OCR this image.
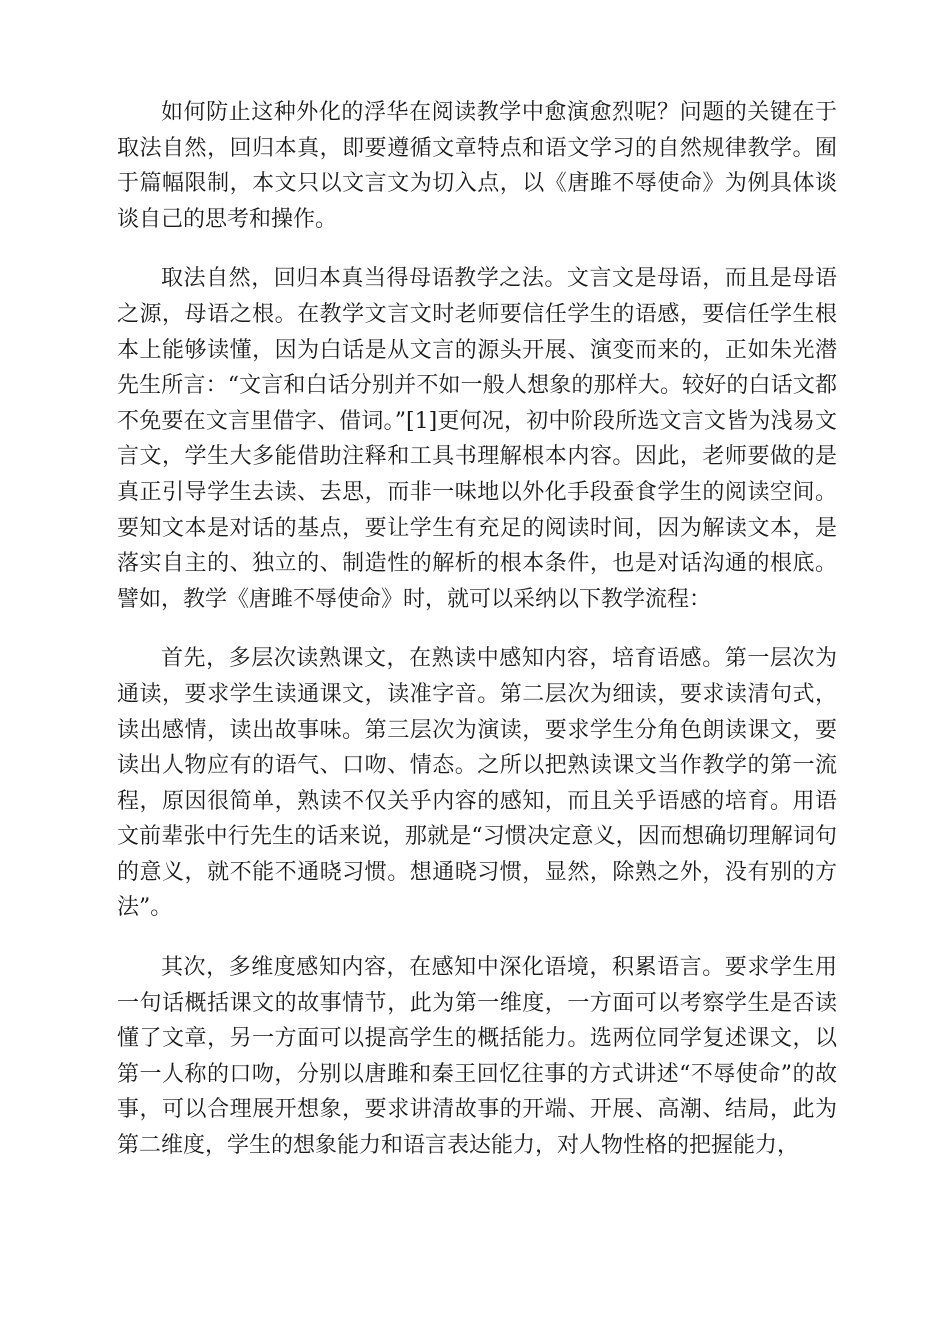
如何防止这种外化的浮华在阅读教学中愈演愈烈呢？问题的关键在于取法自然，回归本真，即要遵循文章特点和语文学习的自然规律教学。囿于篇幅限制，本文只以文言文为切入点，以《唐雎不辱使命》为例具体谈谈自己的思考和操作。

取法自然，回归本真当得母语教学之法。文言文是母语，而且是母语之源，母语之根。在教学文言文时老师要信任学生的语感，要信任学生根本上能够读懂，因为白话是从文言的源头开展、演变而来的，正如朱光潜先生所言：“文言和白话分别并不如一般人想象的那样大。较好的白话文都不免要在文言里借字、借词。”[1]更何况，初中阶段所选文言文皆为浅易文言文，学生大多能借助注释和工具书理解根本内容。因此，老师要做的是真正引导学生去读、去思，而非一味地以外化手段蚕食学生的阅读空间。要知文本是对话的基点，要让学生有充足的阅读时间，因为解读文本，是落实自主的、独立的、制造性的解析的根本条件，也是对话沟通的根底。譬如，教学《唐雎不辱使命》时，就可以采纳以下教学流程：

首先，多层次读熟课文，在熟读中感知内容，培育语感。第一层次为通读，要求学生读通课文，读准字音。第二层次为细读，要求读清句式，读出感情，读出故事味。第三层次为演读，要求学生分角色朗读课文，要读出人物应有的语气、口吻、情态。之所以把熟读课文当作教学的第一流程，原因很简单，熟读不仅关乎内容的感知，而且关乎语感的培育。用语文前辈张中行先生的话来说，那就是“习惯决定意义，因而想确切理解词句的意义，就不能不通晓习惯。想通晓习惯，显然，除熟之外，没有别的方法”。

其次，多维度感知内容，在感知中深化语境，积累语言。要求学生用一句话概括课文的故事情节，此为第一维度，一方面可以考察学生是否读懂了文章，另一方面可以提高学生的概括能力。选两位同学复述课文，以第一人称的口吻，分别以唐雎和秦王回忆往事的方式讲述“不辱使命”的故事，可以合理展开想象，要求讲清故事的开端、开展、高潮、结局，此为第二维度，学生的想象能力和语言表达能力，对人物性格的把握能力，
